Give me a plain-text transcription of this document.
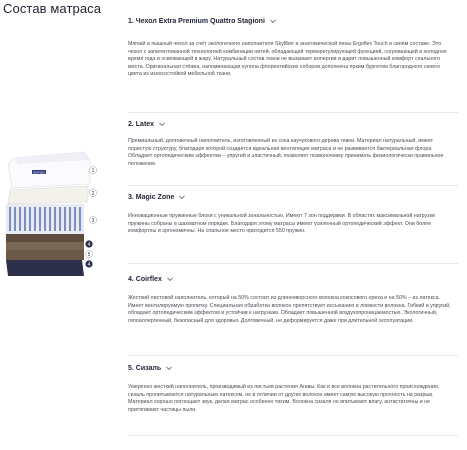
Состав матраса
SKYFLEX	1
2
3
4
5
4
1. Чехол Extra Premium Quattro Stagioni
Мягкий и пышный чехол за счёт экологичного наполнителя Skyfiber и анатомической пены Ergoflex Touch в своём составе. Это чехол с запатентованной технологией комбинации нитей, обладающей терморегулирующей функцией, согревающей в холодное время года и освежающей в жару. Натуральный состав ткани не вызывает аллергии и дарит повышенный комфорт спального места. Оригинальная стёжка, напоминающая купола флорентийских соборов дополнена ярким бургетом благородного синего цвета из износостойкой мебельной ткани.
2. Latex
Премиальный, долговечный наполнитель, изготовленный из сока каучукового дерева гевеи. Материал натуральный, имеет пористую структуру, благодаря которой создаётся идеальная вентиляция матраса и не развивается бактериальная флора. Обладает ортопедическим эффектом – упругий и эластичный, позволяет позвоночнику принимать физиологически правильное положение.
3. Magic Zone
Инновационные пружинные блоки с уникальной зональностью. Имеют 7 зон поддержки. В областях максимальной нагрузки пружины собраны в шахматном порядке. Благодаря этому матрасы имеют усиленный ортопедический эффект. Они более комфортны и эргономичны. На спальное место приходится 550 пружин.
4. Coirflex
Жесткий листовой наполнитель, который на 50% состоит из длинноворсного волокна кокосового ореха и на 50% – из латекса. Имеет вентилируемую пропитку. Специальная обработка волокон препятствует иссыханию и ломкости волокна. Гибкий и упругий, обладает ортопедическим эффектом и устойчив к нагрузкам. Обладает повышенной воздухопроницаемостью. Экологичный, гипоаллергенный, безопасный для здоровья. Долговечный, не деформируется даже при длительной эксплуатации.
5. Сизаль
Умеренно жесткий наполнитель, производимый из листьев растения Агавы. Как и все волокна растительного происхождения, сизаль пропитывается натуральным латексом, но в отличии от других волокон имеет самую высокую прочность на разрыв. Материал хорошо поглощает звук, делая матрас особенно тихим. Волокна сизаля не впитывают влагу, антистатичны и не притягивают частицы пыли.
